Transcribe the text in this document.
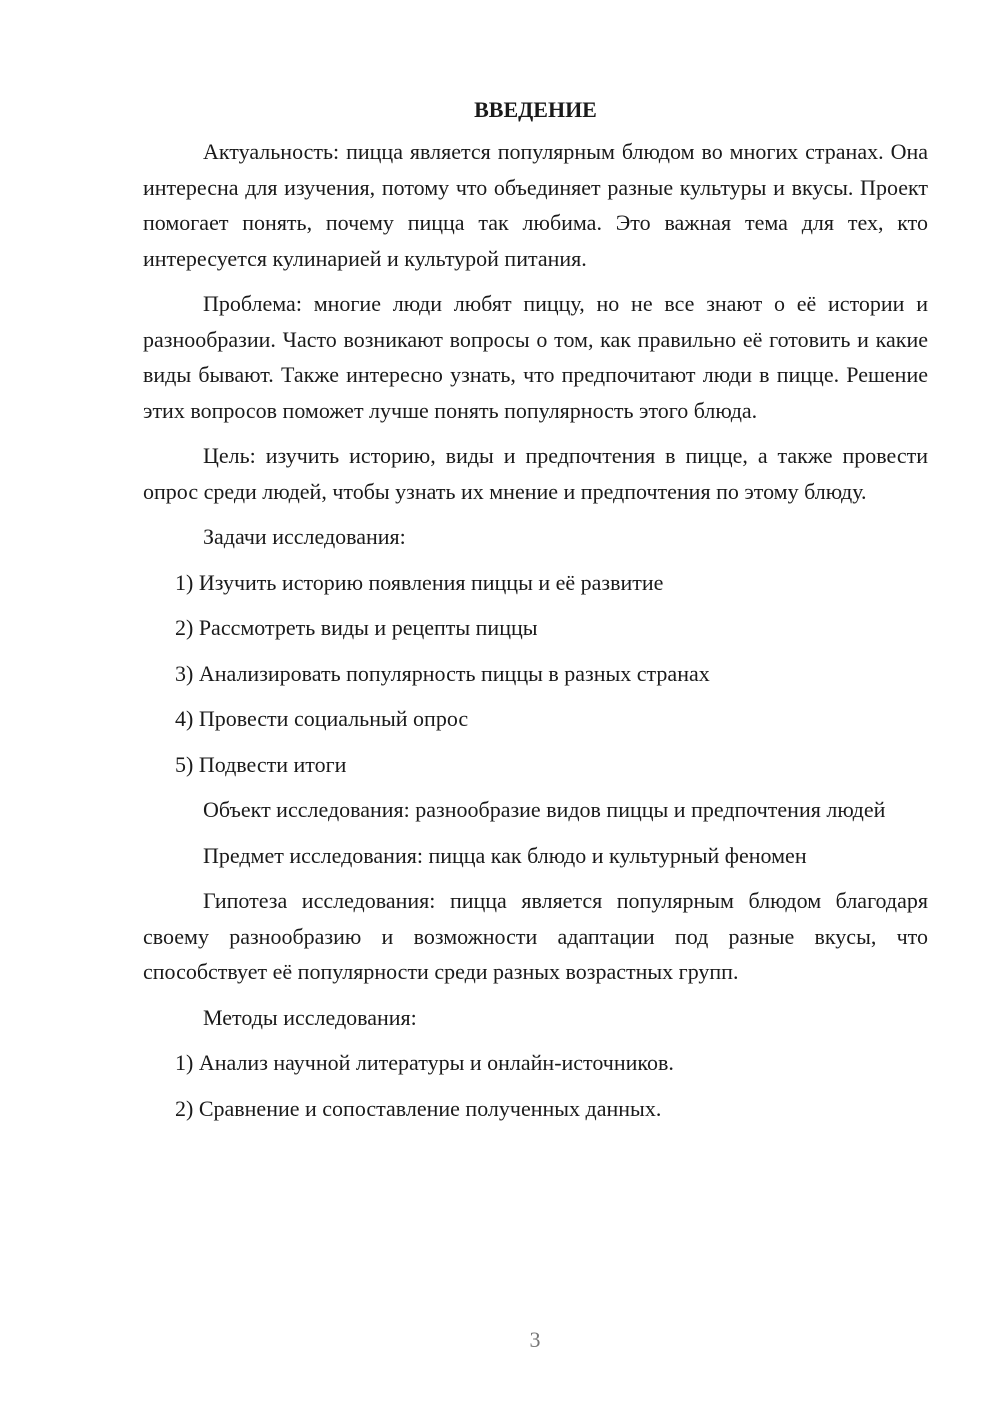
ВВЕДЕНИЕ

Актуальность: пицца является популярным блюдом во многих странах. Она интересна для изучения, потому что объединяет разные культуры и вкусы. Проект помогает понять, почему пицца так любима. Это важная тема для тех, кто интересуется кулинарией и культурой питания.

Проблема: многие люди любят пиццу, но не все знают о её истории и разнообразии. Часто возникают вопросы о том, как правильно её готовить и какие виды бывают. Также интересно узнать, что предпочитают люди в пицце. Решение этих вопросов поможет лучше понять популярность этого блюда.

Цель: изучить историю, виды и предпочтения в пицце, а также провести опрос среди людей, чтобы узнать их мнение и предпочтения по этому блюду.

Задачи исследования:

1) Изучить историю появления пиццы и её развитие
2) Рассмотреть виды и рецепты пиццы
3) Анализировать популярность пиццы в разных странах
4) Провести социальный опрос
5) Подвести итоги

Объект исследования: разнообразие видов пиццы и предпочтения людей

Предмет исследования: пицца как блюдо и культурный феномен

Гипотеза исследования: пицца является популярным блюдом благодаря своему разнообразию и возможности адаптации под разные вкусы, что способствует её популярности среди разных возрастных групп.

Методы исследования:

1) Анализ научной литературы и онлайн-источников.
2) Сравнение и сопоставление полученных данных.
3
